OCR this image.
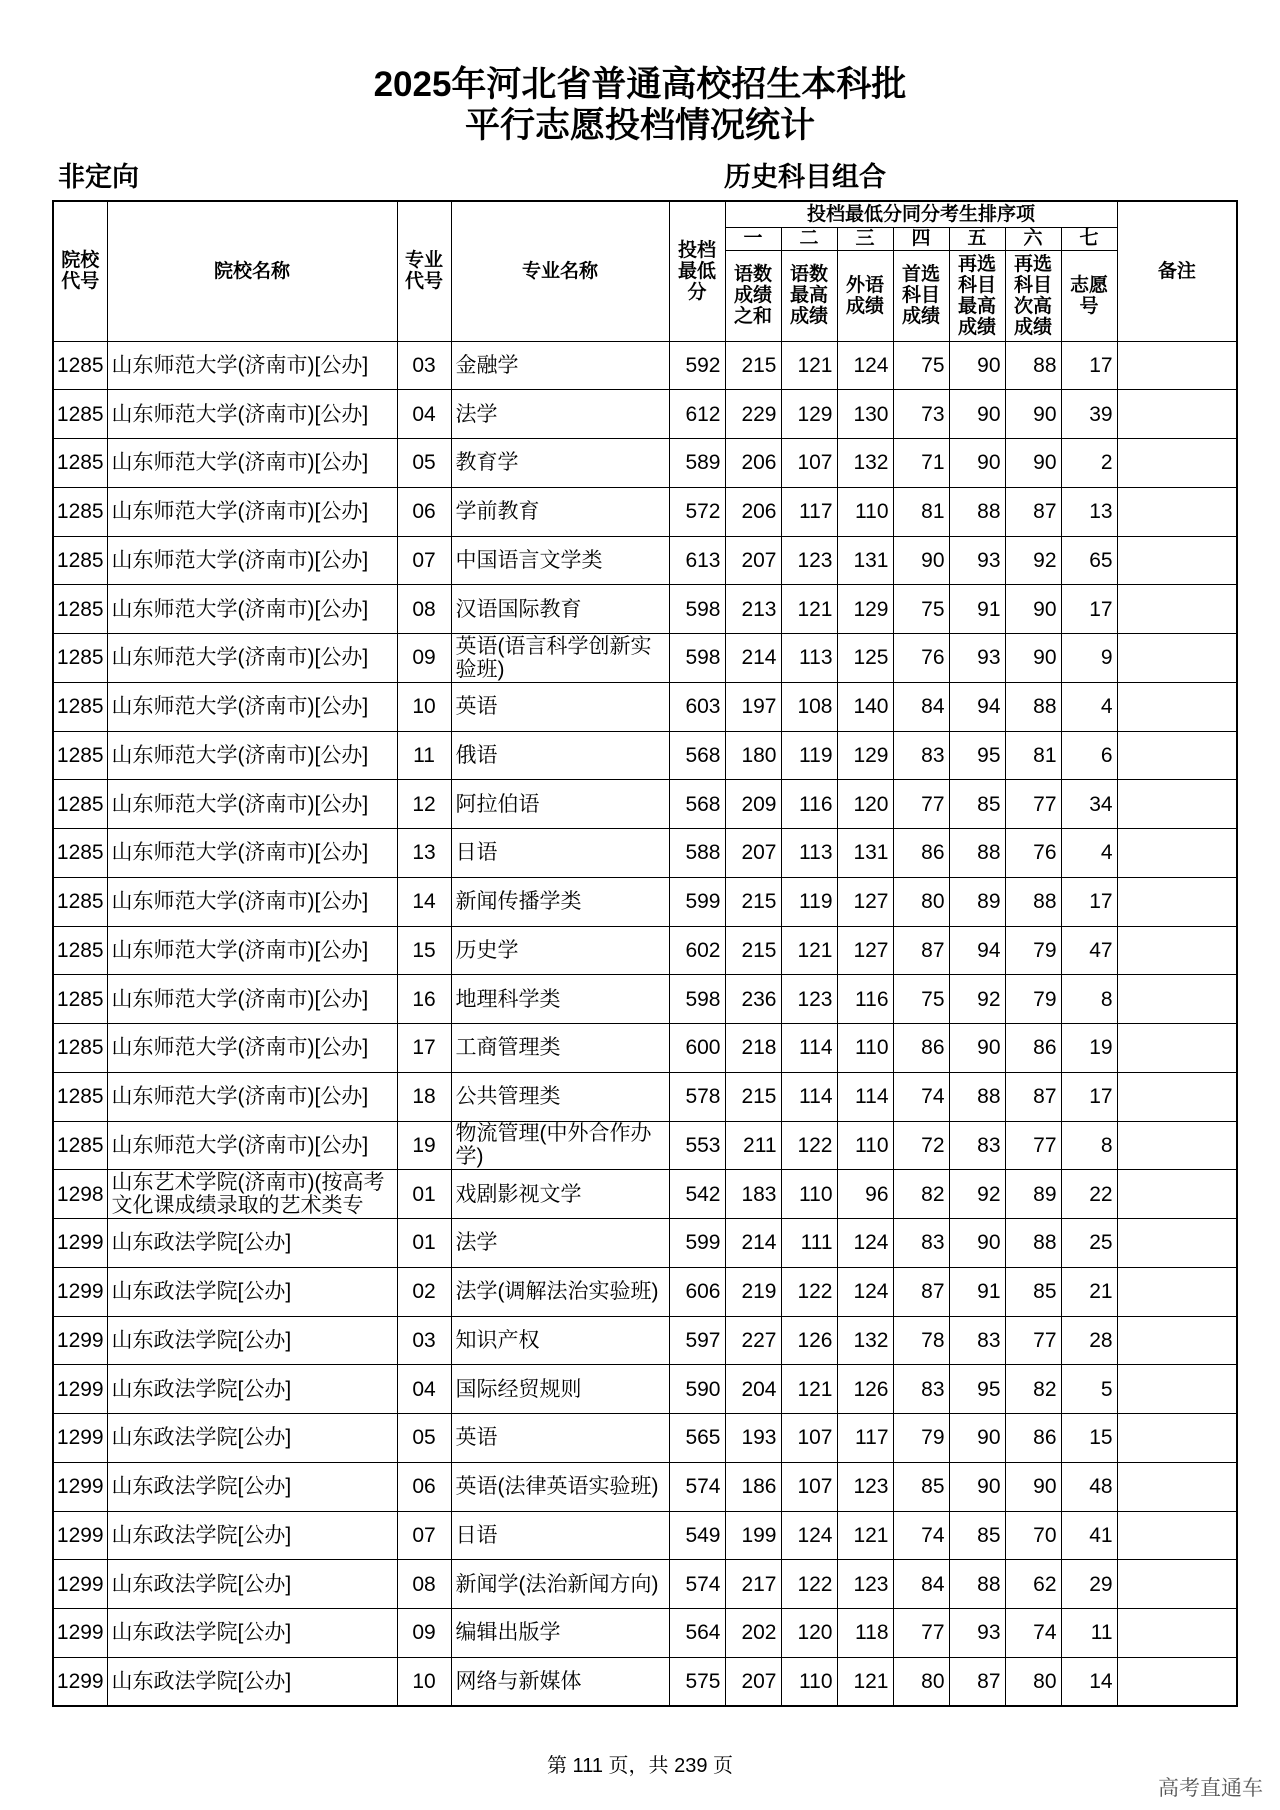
2025年河北省普通高校招生本科批
平行志愿投档情况统计
非定向	历史科目组合
院校代号	院校名称	专业代号	专业名称	投档最低分	投档最低分同分考生排序项							备注
					一	二	三	四	五	六	七	
					语数成绩之和	语数最高成绩	外语成绩	首选科目成绩	再选科目最高成绩	再选科目次高成绩	志愿号	

1285	山东师范大学(济南市)[公办]	03	金融学	592	215	121	124	75	90	88	17	

1285	山东师范大学(济南市)[公办]	04	法学	612	229	129	130	73	90	90	39	

1285	山东师范大学(济南市)[公办]	05	教育学	589	206	107	132	71	90	90	2	

1285	山东师范大学(济南市)[公办]	06	学前教育	572	206	117	110	81	88	87	13	

1285	山东师范大学(济南市)[公办]	07	中国语言文学类	613	207	123	131	90	93	92	65	

1285	山东师范大学(济南市)[公办]	08	汉语国际教育	598	213	121	129	75	91	90	17	

1285	山东师范大学(济南市)[公办]	09	英语(语言科学创新实验班)	598	214	113	125	76	93	90	9	

1285	山东师范大学(济南市)[公办]	10	英语	603	197	108	140	84	94	88	4	

1285	山东师范大学(济南市)[公办]	11	俄语	568	180	119	129	83	95	81	6	

1285	山东师范大学(济南市)[公办]	12	阿拉伯语	568	209	116	120	77	85	77	34	

1285	山东师范大学(济南市)[公办]	13	日语	588	207	113	131	86	88	76	4	

1285	山东师范大学(济南市)[公办]	14	新闻传播学类	599	215	119	127	80	89	88	17	

1285	山东师范大学(济南市)[公办]	15	历史学	602	215	121	127	87	94	79	47	

1285	山东师范大学(济南市)[公办]	16	地理科学类	598	236	123	116	75	92	79	8	

1285	山东师范大学(济南市)[公办]	17	工商管理类	600	218	114	110	86	90	86	19	

1285	山东师范大学(济南市)[公办]	18	公共管理类	578	215	114	114	74	88	87	17	

1285	山东师范大学(济南市)[公办]	19	物流管理(中外合作办学)	553	211	122	110	72	83	77	8	

1298	山东艺术学院(济南市)(按高考文化课成绩录取的艺术类专	01	戏剧影视文学	542	183	110	96	82	92	89	22	

1299	山东政法学院[公办]	01	法学	599	214	111	124	83	90	88	25	

1299	山东政法学院[公办]	02	法学(调解法治实验班)	606	219	122	124	87	91	85	21	

1299	山东政法学院[公办]	03	知识产权	597	227	126	132	78	83	77	28	

1299	山东政法学院[公办]	04	国际经贸规则	590	204	121	126	83	95	82	5	

1299	山东政法学院[公办]	05	英语	565	193	107	117	79	90	86	15	

1299	山东政法学院[公办]	06	英语(法律英语实验班)	574	186	107	123	85	90	90	48	

1299	山东政法学院[公办]	07	日语	549	199	124	121	74	85	70	41	

1299	山东政法学院[公办]	08	新闻学(法治新闻方向)	574	217	122	123	84	88	62	29	

1299	山东政法学院[公办]	09	编辑出版学	564	202	120	118	77	93	74	11	

1299	山东政法学院[公办]	10	网络与新媒体	575	207	110	121	80	87	80	14	

第 111 页，共 239 页
高考直通车
